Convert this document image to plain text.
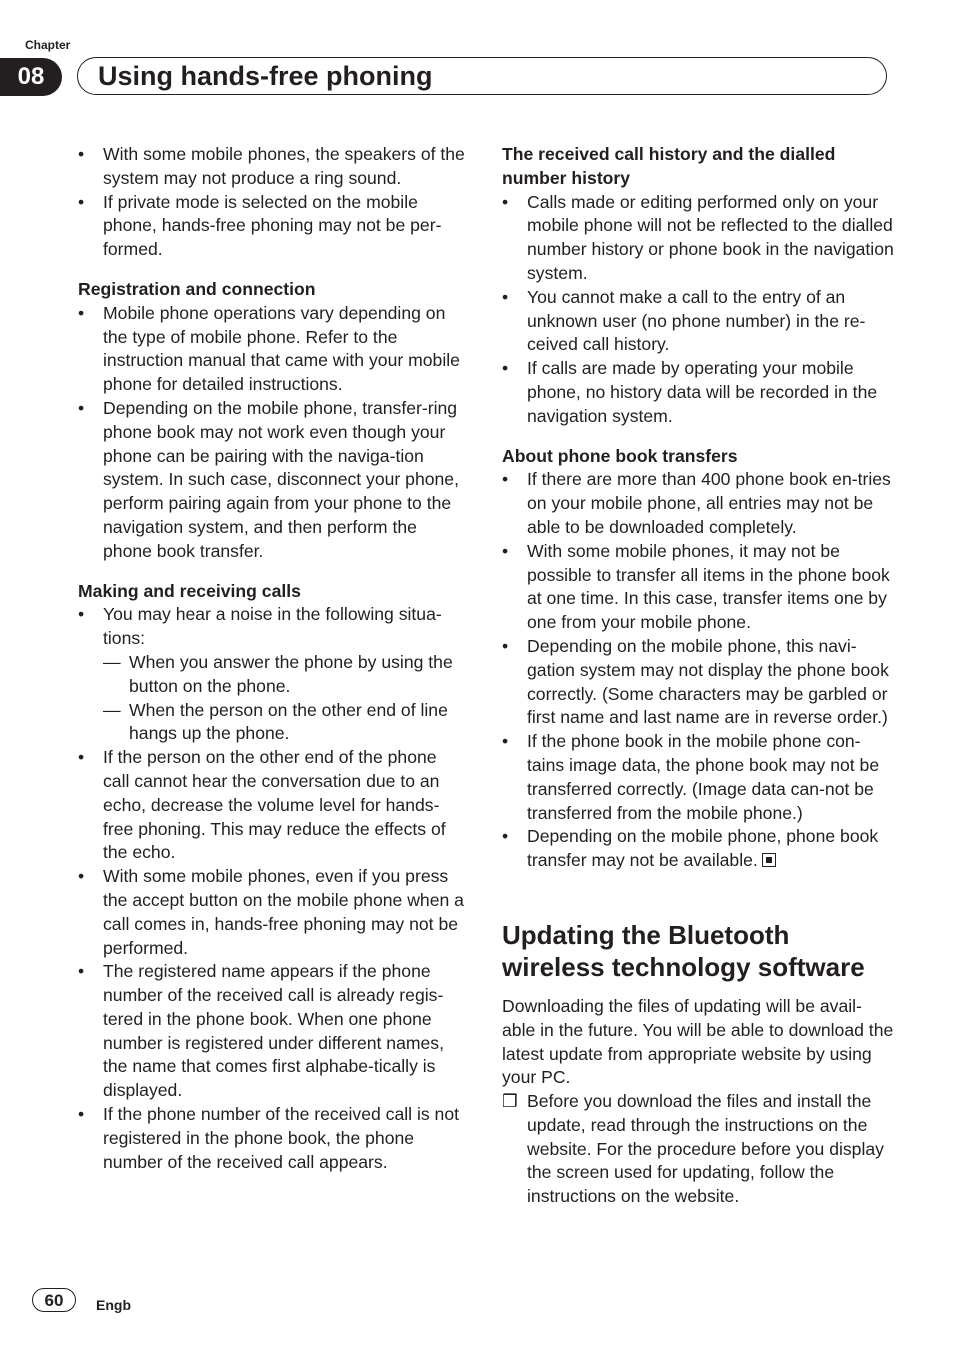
Chapter
08	Using hands-free phoning
• With some mobile phones, the speakers of the system may not produce a ring sound.
• If private mode is selected on the mobile phone, hands-free phoning may not be per-formed.

Registration and connection

• Mobile phone operations vary depending on the type of mobile phone. Refer to the instruction manual that came with your mobile phone for detailed instructions.
• Depending on the mobile phone, transfer-ring phone book may not work even though your phone can be pairing with the naviga-tion system. In such case, disconnect your phone, perform pairing again from your phone to the navigation system, and then perform the phone book transfer.

Making and receiving calls

• You may hear a noise in the following situa-tions:
— When you answer the phone by using the button on the phone.
— When the person on the other end of line hangs up the phone.
• If the person on the other end of the phone call cannot hear the conversation due to an echo, decrease the volume level for hands-free phoning. This may reduce the effects of the echo.
• With some mobile phones, even if you press the accept button on the mobile phone when a call comes in, hands-free phoning may not be performed.
• The registered name appears if the phone number of the received call is already regis-tered in the phone book. When one phone number is registered under different names, the name that comes first alphabe-tically is displayed.
• If the phone number of the received call is not registered in the phone book, the phone number of the received call appears.

The received call history and the dialled number history

• Calls made or editing performed only on your mobile phone will not be reflected to the dialled number history or phone book in the navigation system.
• You cannot make a call to the entry of an unknown user (no phone number) in the re-ceived call history.
• If calls are made by operating your mobile phone, no history data will be recorded in the navigation system.

About phone book transfers

• If there are more than 400 phone book en-tries on your mobile phone, all entries may not be able to be downloaded completely.
• With some mobile phones, it may not be possible to transfer all items in the phone book at one time. In this case, transfer items one by one from your mobile phone.
• Depending on the mobile phone, this navi-gation system may not display the phone book correctly. (Some characters may be garbled or first name and last name are in reverse order.)
• If the phone book in the mobile phone con-tains image data, the phone book may not be transferred correctly. (Image data can-not be transferred from the mobile phone.)
• Depending on the mobile phone, phone book transfer may not be available.
Updating the Bluetooth wireless technology software

Downloading the files of updating will be avail-able in the future. You will be able to download the latest update from appropriate website by using your PC.

❒ Before you download the files and install the update, read through the instructions on the website. For the procedure before you display the screen used for updating, follow the instructions on the website.
60	Engb
